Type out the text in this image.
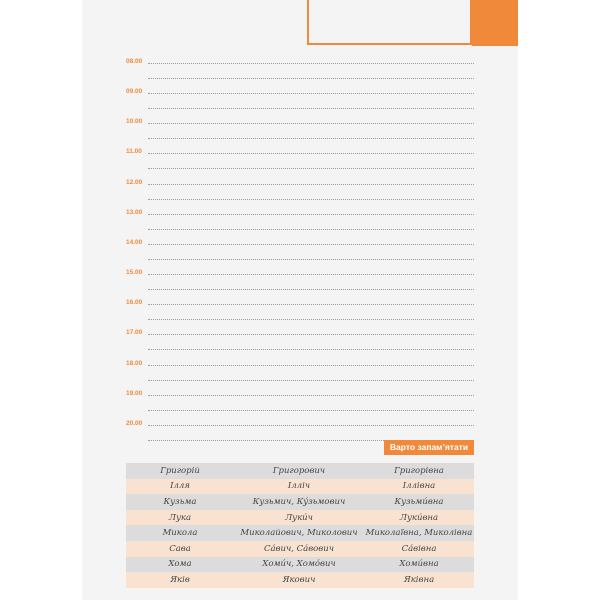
08.00
09.00
10.00
11.00
12.00
13.00
14.00
15.00
16.00
17.00
18.00
19.00
20.00
Варто запам’ятати
Григорій	Григорович	Григорівна
Ілля	Ілліч	Іллівна
Кузьма	Кузьмич, Кýзьмович	Кузьмúвна
Лука	Лукúч	Лукúвна
Микола	Миколайович, Миколович	Миколаївна, Миколівна
Сава	Сáвич, Сáвович	Сáвівна
Хома	Хомúч, Хомóвич	Хомúвна
Яків	Якович	Яківна
